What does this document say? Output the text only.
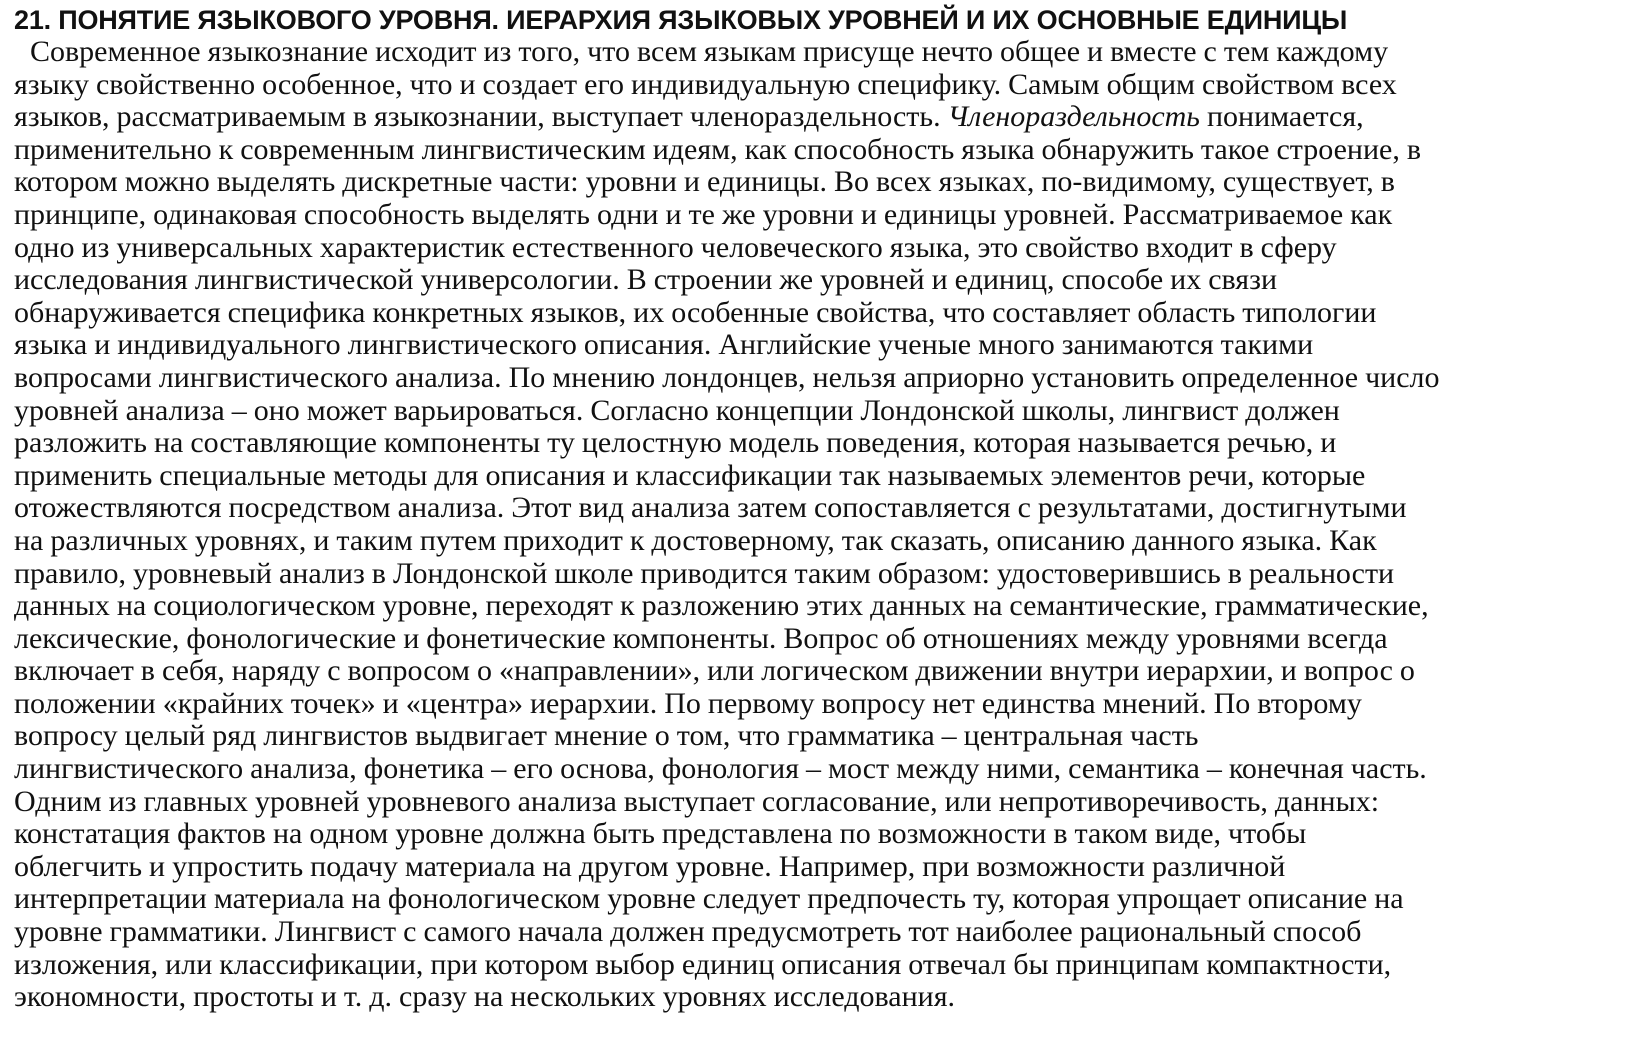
21. ПОНЯТИЕ ЯЗЫКОВОГО УРОВНЯ. ИЕРАРХИЯ ЯЗЫКОВЫХ УРОВНЕЙ И ИХ ОСНОВНЫЕ ЕДИНИЦЫ

Современное языкознание исходит из того, что всем языкам присуще нечто общее и вместе с тем каждому
языку свойственно особенное, что и создает его индивидуальную специфику. Самым общим свойством всех
языков, рассматриваемым в языкознании, выступает членораздельность. Членораздельность понимается,
применительно к современным лингвистическим идеям, как способность языка обнаружить такое строение, в
котором можно выделять дискретные части: уровни и единицы. Во всех языках, по-видимому, существует, в
принципе, одинаковая способность выделять одни и те же уровни и единицы уровней. Рассматриваемое как
одно из универсальных характеристик естественного человеческого языка, это свойство входит в сферу
исследования лингвистической универсологии. В строении же уровней и единиц, способе их связи
обнаруживается специфика конкретных языков, их особенные свойства, что составляет область типологии
языка и индивидуального лингвистического описания. Английские ученые много занимаются такими
вопросами лингвистического анализа. По мнению лондонцев, нельзя априорно установить определенное число
уровней анализа – оно может варьироваться. Согласно концепции Лондонской школы, лингвист должен
разложить на составляющие компоненты ту целостную модель поведения, которая называется речью, и
применить специальные методы для описания и классификации так называемых элементов речи, которые
отожествляются посредством анализа. Этот вид анализа затем сопоставляется с результатами, достигнутыми
на различных уровнях, и таким путем приходит к достоверному, так сказать, описанию данного языка. Как
правило, уровневый анализ в Лондонской школе приводится таким образом: удостоверившись в реальности
данных на социологическом уровне, переходят к разложению этих данных на семантические, грамматические,
лексические, фонологические и фонетические компоненты. Вопрос об отношениях между уровнями всегда
включает в себя, наряду с вопросом о «направлении», или логическом движении внутри иерархии, и вопрос о
положении «крайних точек» и «центра» иерархии. По первому вопросу нет единства мнений. По второму
вопросу целый ряд лингвистов выдвигает мнение о том, что грамматика – центральная часть
лингвистического анализа, фонетика – его основа, фонология – мост между ними, семантика – конечная часть.
Одним из главных уровней уровневого анализа выступает согласование, или непротиворечивость, данных:
констатация фактов на одном уровне должна быть представлена по возможности в таком виде, чтобы
облегчить и упростить подачу материала на другом уровне. Например, при возможности различной
интерпретации материала на фонологическом уровне следует предпочесть ту, которая упрощает описание на
уровне грамматики. Лингвист с самого начала должен предусмотреть тот наиболее рациональный способ
изложения, или классификации, при котором выбор единиц описания отвечал бы принципам компактности,
экономности, простоты и т. д. сразу на нескольких уровнях исследования.
